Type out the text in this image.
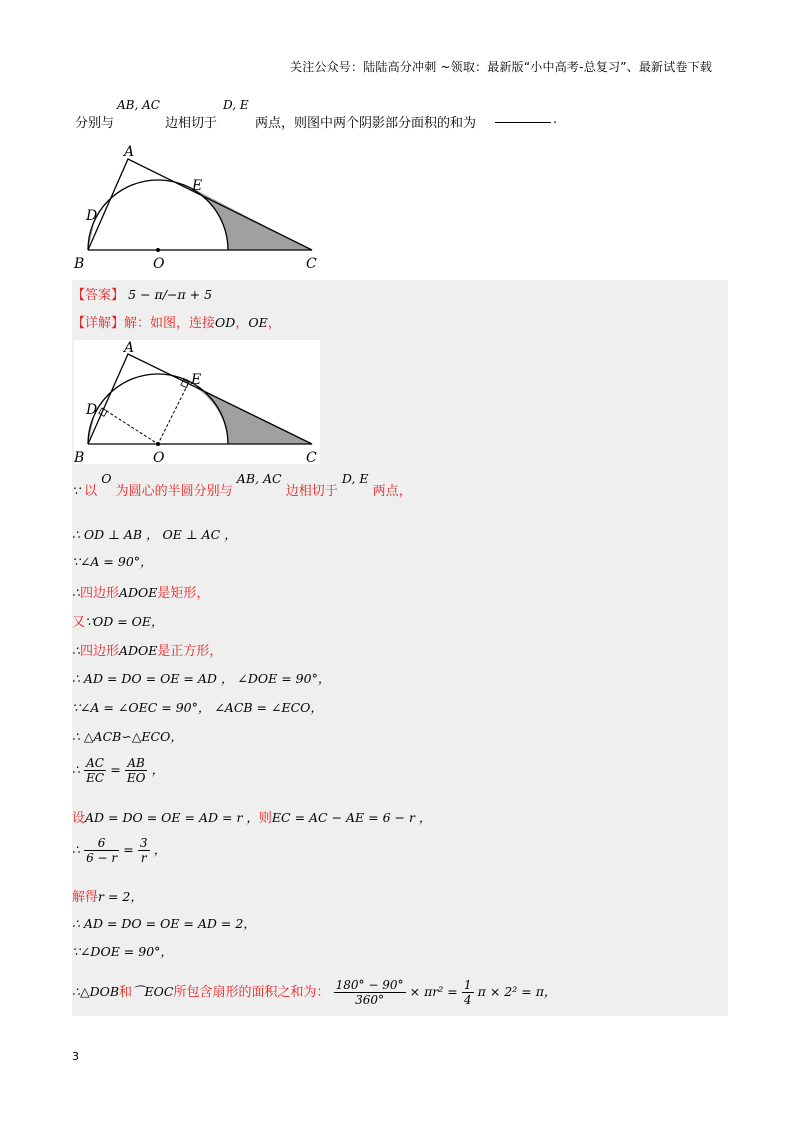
关注公众号：陆陆高分冲刺 ~领取：最新版“小中高考-总复习”、最新试卷下载
分别与
AB, AC
边相切于
D, E
两点，则图中两个阴影部分面积的和为	.
A
E
D
B	O	C
【答案】 5 − π/−π + 5
【详解】解：如图，连接OD，OE，
A
E
D
B	O	C
∵ 以 O 为圆心的半圆分别与 AB, AC 边相切于 D, E 两点，
∴ OD ⊥ AB ， OE ⊥ AC ，
∵∠A = 90°，
∴四边形ADOE是矩形，
又∵OD = OE，
∴四边形ADOE是正方形，
∴ AD = DO = OE = AD ， ∠DOE = 90°，
∵∠A = ∠OEC = 90°， ∠ACB = ∠ECO，
∴ △ACB∽△ECO，
∴ $\frac{AC}{EC} = \frac{AB}{EO}$ ，
设AD = DO = OE = AD = r ，则EC = AC − AE = 6 − r ，
∴ $\frac{6}{6 - r} = \frac{3}{r}$ ，
解得r = 2，
∴ AD = DO = OE = AD = 2，
∵∠DOE = 90°，
∴△DOB和⌒EOC所包含扇形的面积之和为： $\frac{180^\circ - 90^\circ}{360^\circ} \times \pi r^2 = \frac{1}{4}$ π × 2² = π，
3
